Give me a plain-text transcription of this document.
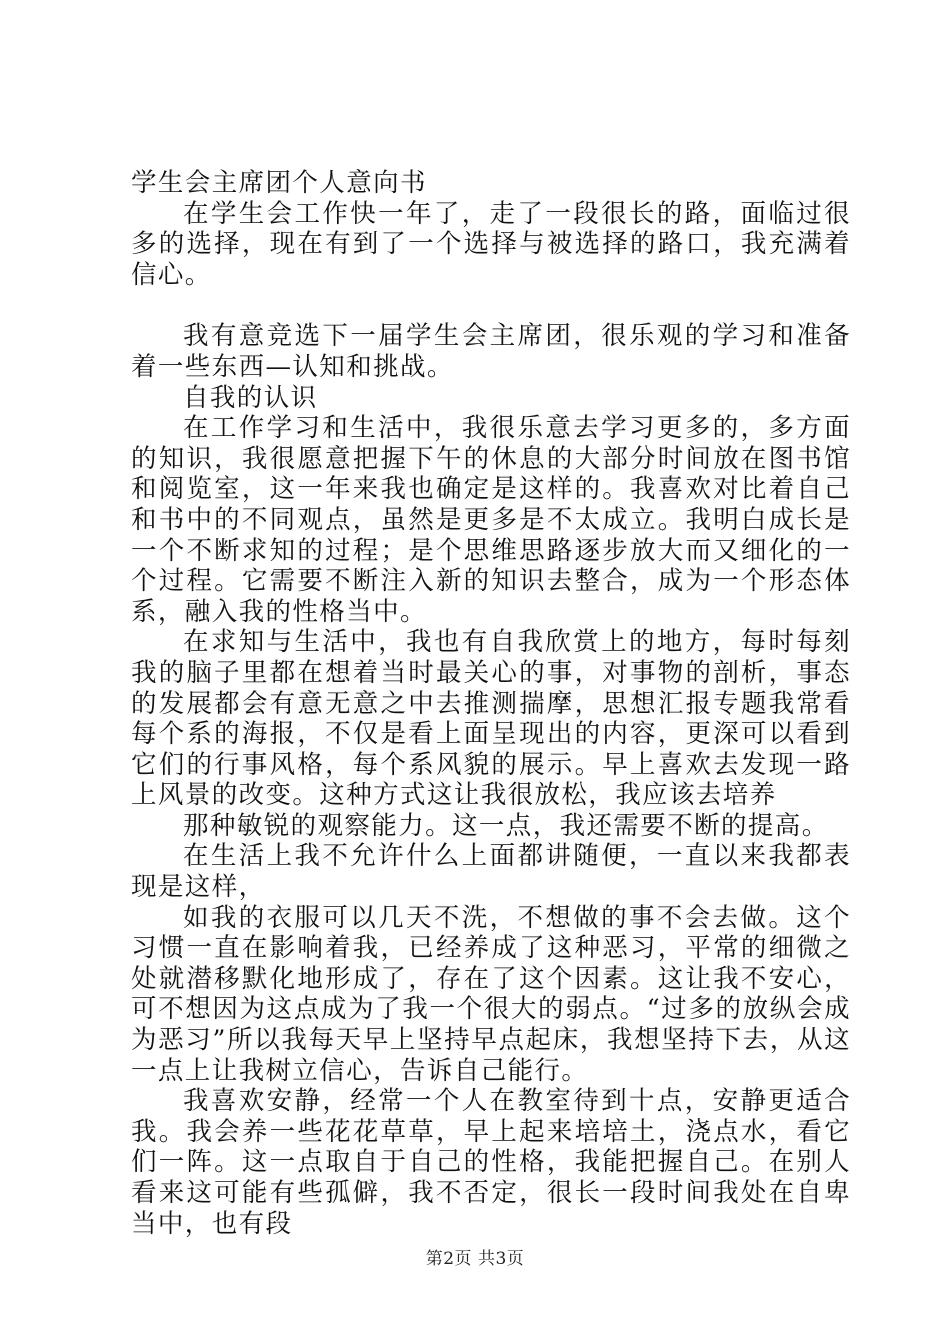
学生会主席团个人意向书

在学生会工作快一年了，走了一段很长的路，面临过很多的选择，现在有到了一个选择与被选择的路口，我充满着信心。

我有意竞选下一届学生会主席团，很乐观的学习和准备着一些东西—认知和挑战。

自我的认识

在工作学习和生活中，我很乐意去学习更多的，多方面的知识，我很愿意把握下午的休息的大部分时间放在图书馆和阅览室，这一年来我也确定是这样的。我喜欢对比着自己和书中的不同观点，虽然是更多是不太成立。我明白成长是一个不断求知的过程；是个思维思路逐步放大而又细化的一个过程。它需要不断注入新的知识去整合，成为一个形态体系，融入我的性格当中。

在求知与生活中，我也有自我欣赏上的地方，每时每刻我的脑子里都在想着当时最关心的事，对事物的剖析，事态的发展都会有意无意之中去推测揣摩，思想汇报专题我常看每个系的海报，不仅是看上面呈现出的内容，更深可以看到它们的行事风格，每个系风貌的展示。早上喜欢去发现一路上风景的改变。这种方式这让我很放松，我应该去培养

那种敏锐的观察能力。这一点，我还需要不断的提高。

在生活上我不允许什么上面都讲随便，一直以来我都表现是这样，

如我的衣服可以几天不洗，不想做的事不会去做。这个习惯一直在影响着我，已经养成了这种恶习，平常的细微之处就潜移默化地形成了，存在了这个因素。这让我不安心，可不想因为这点成为了我一个很大的弱点。“过多的放纵会成为恶习”所以我每天早上坚持早点起床，我想坚持下去，从这一点上让我树立信心，告诉自己能行。

我喜欢安静，经常一个人在教室待到十点，安静更适合我。我会养一些花花草草，早上起来培培土，浇点水，看它们一阵。这一点取自于自己的性格，我能把握自己。在别人看来这可能有些孤僻，我不否定，很长一段时间我处在自卑当中，也有段

第2页 共3页
